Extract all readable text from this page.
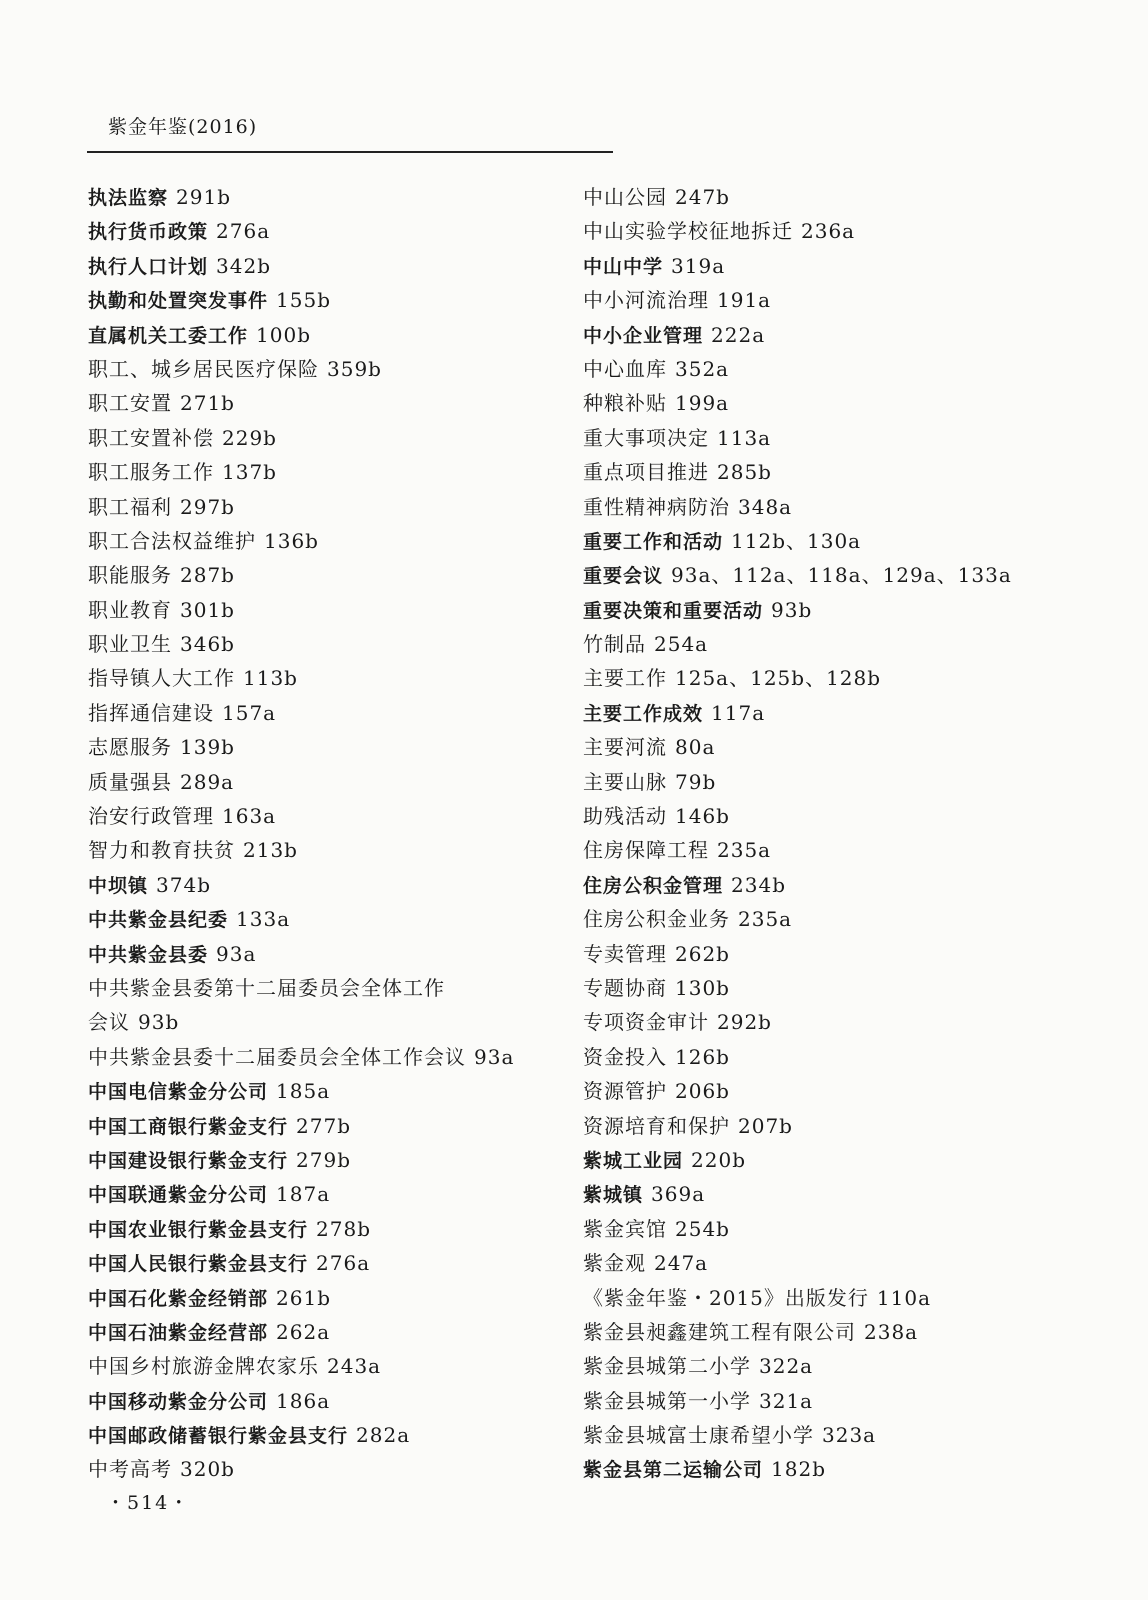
紫金年鉴(2016)
执法监察 291b
执行货币政策 276a
执行人口计划 342b
执勤和处置突发事件 155b
直属机关工委工作 100b
职工、城乡居民医疗保险 359b
职工安置 271b
职工安置补偿 229b
职工服务工作 137b
职工福利 297b
职工合法权益维护 136b
职能服务 287b
职业教育 301b
职业卫生 346b
指导镇人大工作 113b
指挥通信建设 157a
志愿服务 139b
质量强县 289a
治安行政管理 163a
智力和教育扶贫 213b
中坝镇 374b
中共紫金县纪委 133a
中共紫金县委 93a
中共紫金县委第十二届委员会全体工作
会议 93b
中共紫金县委十二届委员会全体工作会议 93a
中国电信紫金分公司 185a
中国工商银行紫金支行 277b
中国建设银行紫金支行 279b
中国联通紫金分公司 187a
中国农业银行紫金县支行 278b
中国人民银行紫金县支行 276a
中国石化紫金经销部 261b
中国石油紫金经营部 262a
中国乡村旅游金牌农家乐 243a
中国移动紫金分公司 186a
中国邮政储蓄银行紫金县支行 282a
中考高考 320b
中山公园 247b
中山实验学校征地拆迁 236a
中山中学 319a
中小河流治理 191a
中小企业管理 222a
中心血库 352a
种粮补贴 199a
重大事项决定 113a
重点项目推进 285b
重性精神病防治 348a
重要工作和活动 112b、130a
重要会议 93a、112a、118a、129a、133a
重要决策和重要活动 93b
竹制品 254a
主要工作 125a、125b、128b
主要工作成效 117a
主要河流 80a
主要山脉 79b
助残活动 146b
住房保障工程 235a
住房公积金管理 234b
住房公积金业务 235a
专卖管理 262b
专题协商 130b
专项资金审计 292b
资金投入 126b
资源管护 206b
资源培育和保护 207b
紫城工业园 220b
紫城镇 369a
紫金宾馆 254b
紫金观 247a
《紫金年鉴・2015》出版发行 110a
紫金县昶鑫建筑工程有限公司 238a
紫金县城第二小学 322a
紫金县城第一小学 321a
紫金县城富士康希望小学 323a
紫金县第二运输公司 182b
・514・
